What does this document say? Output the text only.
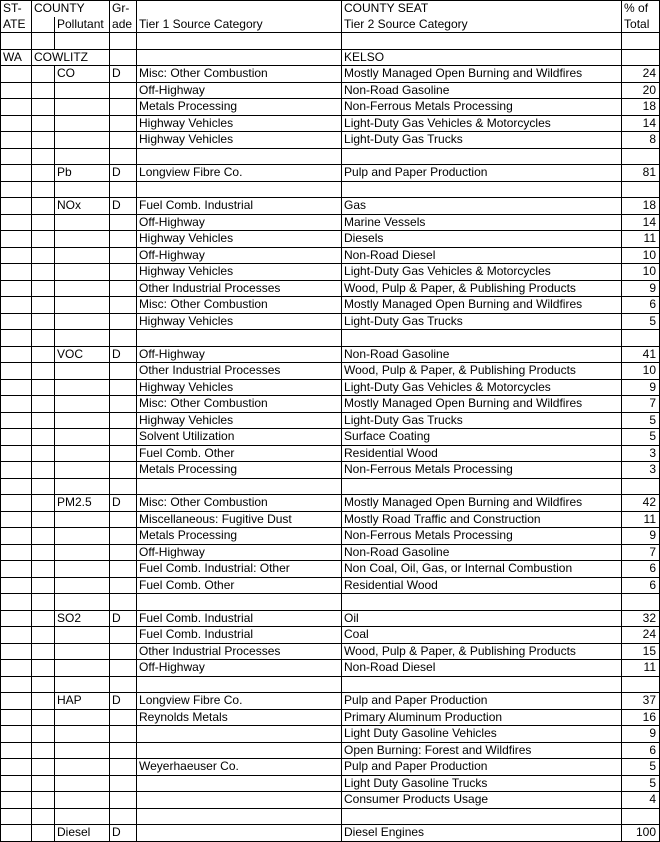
ST-	COUNTY		Gr-		COUNTY SEAT	% of
ATE		Pollutant	ade	Tier 1 Source Category	Tier 2 Source Category	Total

WA	COWLITZ				KELSO	
		CO	D	Misc: Other Combustion	Mostly Managed Open Burning and Wildfires	24
				Off-Highway	Non-Road Gasoline	20
				Metals Processing	Non-Ferrous Metals Processing	18
				Highway Vehicles	Light-Duty Gas Vehicles & Motorcycles	14
				Highway Vehicles	Light-Duty Gas Trucks	8

		Pb	D	Longview Fibre Co.	Pulp and Paper Production	81

		NOx	D	Fuel Comb. Industrial	Gas	18
				Off-Highway	Marine Vessels	14
				Highway Vehicles	Diesels	11
				Off-Highway	Non-Road Diesel	10
				Highway Vehicles	Light-Duty Gas Vehicles & Motorcycles	10
				Other Industrial Processes	Wood, Pulp & Paper, & Publishing Products	9
				Misc: Other Combustion	Mostly Managed Open Burning and Wildfires	6
				Highway Vehicles	Light-Duty Gas Trucks	5

		VOC	D	Off-Highway	Non-Road Gasoline	41
				Other Industrial Processes	Wood, Pulp & Paper, & Publishing Products	10
				Highway Vehicles	Light-Duty Gas Vehicles & Motorcycles	9
				Misc: Other Combustion	Mostly Managed Open Burning and Wildfires	7
				Highway Vehicles	Light-Duty Gas Trucks	5
				Solvent Utilization	Surface Coating	5
				Fuel Comb. Other	Residential Wood	3
				Metals Processing	Non-Ferrous Metals Processing	3

		PM2.5	D	Misc: Other Combustion	Mostly Managed Open Burning and Wildfires	42
				Miscellaneous: Fugitive Dust	Mostly Road Traffic and Construction	11
				Metals Processing	Non-Ferrous Metals Processing	9
				Off-Highway	Non-Road Gasoline	7
				Fuel Comb. Industrial: Other	Non Coal, Oil, Gas, or Internal Combustion	6
				Fuel Comb. Other	Residential Wood	6

		SO2	D	Fuel Comb. Industrial	Oil	32
				Fuel Comb. Industrial	Coal	24
				Other Industrial Processes	Wood, Pulp & Paper, & Publishing Products	15
				Off-Highway	Non-Road Diesel	11

		HAP	D	Longview Fibre Co.	Pulp and Paper Production	37
				Reynolds Metals	Primary Aluminum Production	16
					Light Duty Gasoline Vehicles	9
					Open Burning: Forest and Wildfires	6
				Weyerhaeuser Co.	Pulp and Paper Production	5
					Light Duty Gasoline Trucks	5
					Consumer Products Usage	4

		Diesel	D		Diesel Engines	100
